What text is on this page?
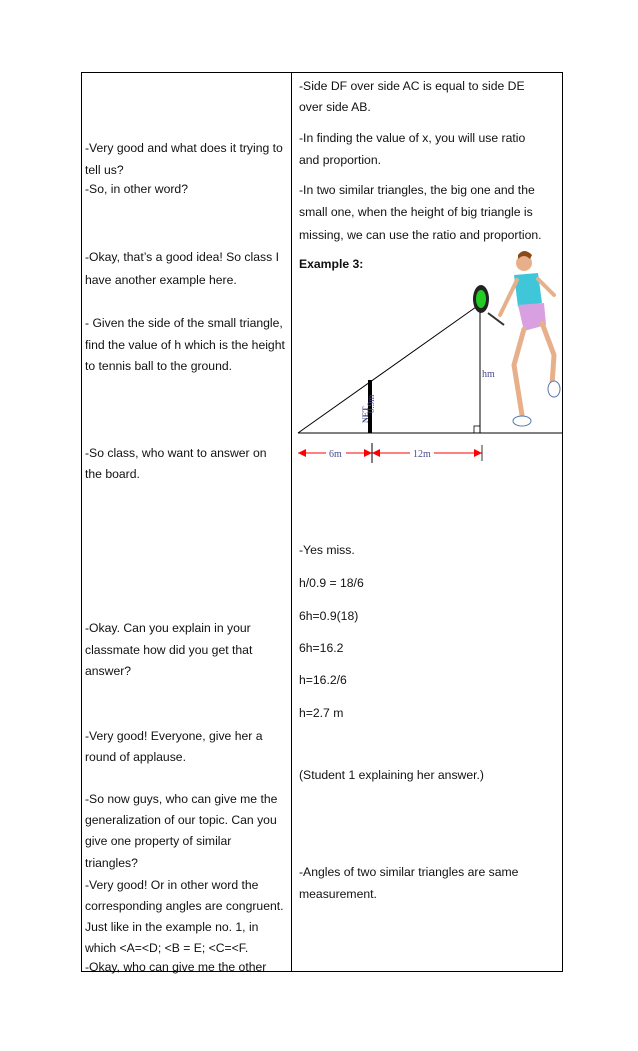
-Very good and what does it trying to
tell us?
-So, in other word?
-Okay, that’s a good idea! So class I
have another example here.
- Given the side of the small triangle,
find the value of h which is the height
to tennis ball to the ground.
-So class, who want to answer on
the board.
-Okay. Can you explain in your
classmate how did you get that
answer?
-Very good! Everyone, give her a
round of applause.
-So now guys, who can give me the
generalization of our topic. Can you
give one property of similar
triangles?
-Very good! Or in other word the
corresponding angles are congruent.
Just like in the example no. 1, in
which <A=<D; <B = E; <C=<F.
-Okay, who can give me the other
-Side DF over side AC is equal to side DE
over side AB.
-In finding the value of x, you will use ratio
and proportion.
-In two similar triangles, the big one and the
small one, when the height of big triangle is
missing, we can use the ratio and proportion.
Example 3:
NET
0.9m
hm
6m	12m
-Yes miss.
h/0.9 = 18/6
6h=0.9(18)
6h=16.2
h=16.2/6
h=2.7 m
(Student 1 explaining her answer.)
-Angles of two similar triangles are same
measurement.
